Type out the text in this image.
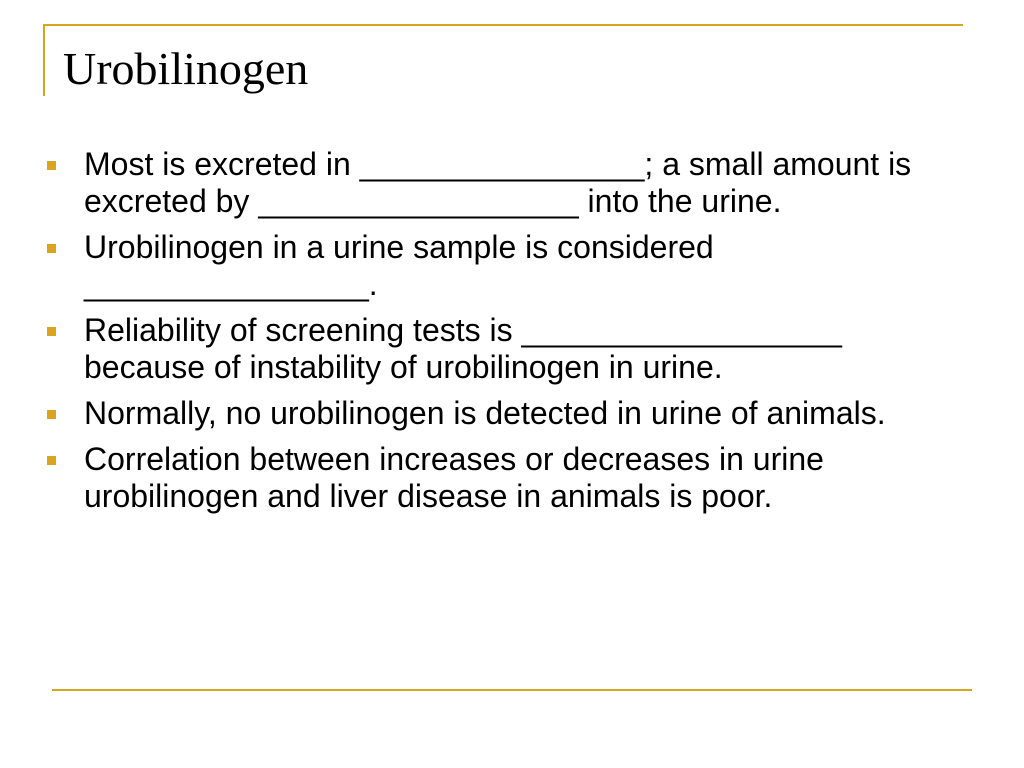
Urobilinogen
Most is excreted in ________________; a small amount is excreted by __________________ into the urine.
Urobilinogen in a urine sample is considered ________________.
Reliability of screening tests is __________________ because of instability of urobilinogen in urine.
Normally, no urobilinogen is detected in urine of animals.
Correlation between increases or decreases in urine urobilinogen and liver disease in animals is poor.
